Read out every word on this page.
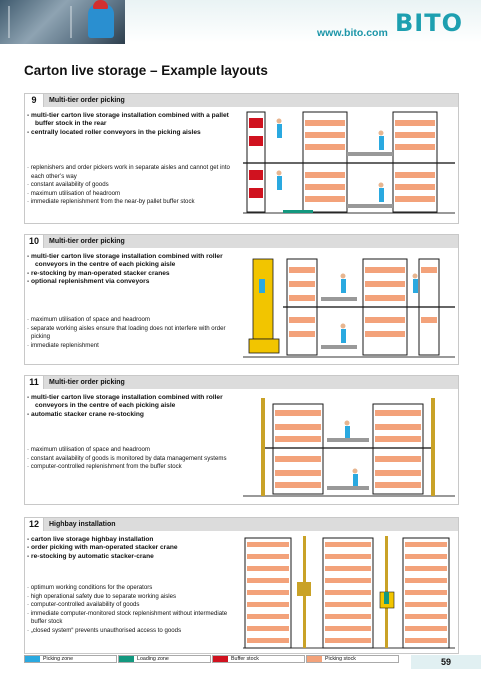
www.bito.com BITO
Carton live storage – Example layouts
9	Multi-tier order picking
- multi-tier carton live storage installation combined with a pallet buffer stock in the rear
- centrally located roller conveyors in the picking aisles
· replenishers and order pickers work in separate aisles and cannot get into each other’s way
· constant availability of goods
· maximum utilisation of headroom
· immediate replenishment from the near-by pallet buffer stock
10	Multi-tier order picking
- multi-tier carton live storage installation combined with roller conveyors in the centre of each picking aisle
- re-stocking by man-operated stacker cranes
- optional replenishment via conveyors
· maximum utilisation of space and headroom
· separate working aisles ensure that loading does not interfere with order picking
· immediate replenishment
11	Multi-tier order picking
- multi-tier carton live storage installation combined with roller conveyors in the centre of each picking aisle
- automatic stacker crane re-stocking
· maximum utilisation of space and headroom
· constant availability of goods is monitored by data management systems
· computer-controlled replenishment from the buffer stock
12	Highbay installation
- carton live storage highbay installation
- order picking with man-operated stacker crane
- re-stocking by automatic stacker-crane
· optimum working conditions for the operators
· high operational safety due to separate working aisles
· computer-controlled availability of goods
· immediate computer-monitored stock replenishment without intermediate buffer stock
· „closed system“ prevents unauthorised access to goods
Picking zone	Loading zone	Buffer stock	Picking stock	59
